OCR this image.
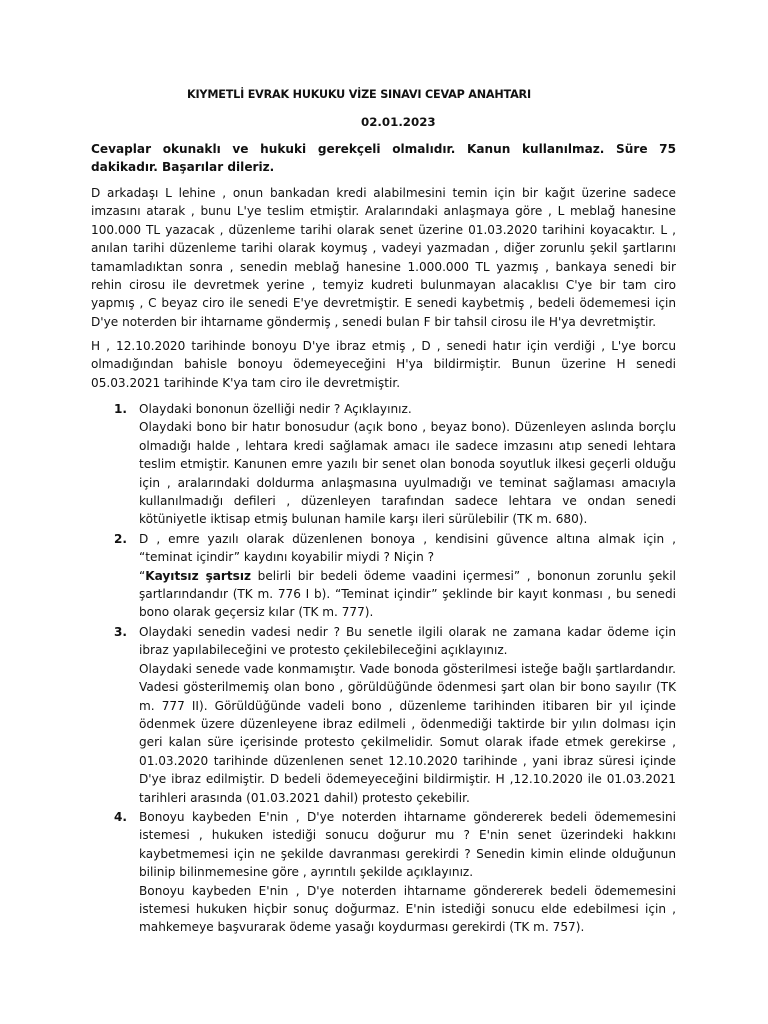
KIYMETLİ EVRAK HUKUKU VİZE SINAVI CEVAP ANAHTARI
02.01.2023
Cevaplar okunaklı ve hukuki gerekçeli olmalıdır. Kanun kullanılmaz. Süre 75 dakikadır. Başarılar dileriz.
D arkadaşı L lehine , onun bankadan kredi alabilmesini temin için bir kağıt üzerine sadece imzasını atarak , bunu L'ye teslim etmiştir. Aralarındaki anlaşmaya göre , L meblağ hanesine 100.000 TL yazacak , düzenleme tarihi olarak senet üzerine 01.03.2020 tarihini koyacaktır. L , anılan tarihi düzenleme tarihi olarak koymuş , vadeyi yazmadan , diğer zorunlu şekil şartlarını tamamladıktan sonra , senedin meblağ hanesine 1.000.000 TL yazmış , bankaya senedi bir rehin cirosu ile devretmek yerine , temyiz kudreti bulunmayan alacaklısı C'ye bir tam ciro yapmış , C beyaz ciro ile senedi E'ye devretmiştir. E senedi kaybetmiş , bedeli ödememesi için D'ye noterden bir ihtarname göndermiş , senedi bulan F bir tahsil cirosu ile H'ya devretmiştir.
H , 12.10.2020 tarihinde bonoyu D'ye ibraz etmiş , D , senedi hatır için verdiği , L'ye borcu olmadığından bahisle bonoyu ödemeyeceğini H'ya bildirmiştir. Bunun üzerine H senedi 05.03.2021 tarihinde K'ya tam ciro ile devretmiştir.
1. Olaydaki bononun özelliği nedir ? Açıklayınız.

Olaydaki bono bir hatır bonosudur (açık bono , beyaz bono). Düzenleyen aslında borçlu olmadığı halde , lehtara kredi sağlamak amacı ile sadece imzasını atıp senedi lehtara teslim etmiştir. Kanunen emre yazılı bir senet olan bonoda soyutluk ilkesi geçerli olduğu için , aralarındaki doldurma anlaşmasına uyulmadığı ve teminat sağlaması amacıyla kullanılmadığı defileri , düzenleyen tarafından sadece lehtara ve ondan senedi kötüniyetle iktisap etmiş bulunan hamile karşı ileri sürülebilir (TK m. 680).

2. D , emre yazılı olarak düzenlenen bonoya , kendisini güvence altına almak için , “teminat içindir” kaydını koyabilir miydi ? Niçin ?

“Kayıtsız şartsız belirli bir bedeli ödeme vaadini içermesi” , bononun zorunlu şekil şartlarındandır (TK m. 776 I b). “Teminat içindir” şeklinde bir kayıt konması , bu senedi bono olarak geçersiz kılar (TK m. 777).

3. Olaydaki senedin vadesi nedir ? Bu senetle ilgili olarak ne zamana kadar ödeme için ibraz yapılabileceğini ve protesto çekilebileceğini açıklayınız.

Olaydaki senede vade konmamıştır. Vade bonoda gösterilmesi isteğe bağlı şartlardandır. Vadesi gösterilmemiş olan bono , görüldüğünde ödenmesi şart olan bir bono sayılır (TK m. 777 II). Görüldüğünde vadeli bono , düzenleme tarihinden itibaren bir yıl içinde ödenmek üzere düzenleyene ibraz edilmeli , ödenmediği taktirde bir yılın dolması için geri kalan süre içerisinde protesto çekilmelidir. Somut olarak ifade etmek gerekirse , 01.03.2020 tarihinde düzenlenen senet 12.10.2020 tarihinde , yani ibraz süresi içinde D'ye ibraz edilmiştir. D bedeli ödemeyeceğini bildirmiştir. H ,12.10.2020 ile 01.03.2021 tarihleri arasında (01.03.2021 dahil) protesto çekebilir.

4. Bonoyu kaybeden E'nin , D'ye noterden ihtarname göndererek bedeli ödememesini istemesi , hukuken istediği sonucu doğurur mu ? E'nin senet üzerindeki hakkını kaybetmemesi için ne şekilde davranması gerekirdi ? Senedin kimin elinde olduğunun bilinip bilinmemesine göre , ayrıntılı şekilde açıklayınız.

Bonoyu kaybeden E'nin , D'ye noterden ihtarname göndererek bedeli ödememesini istemesi hukuken hiçbir sonuç doğurmaz. E'nin istediği sonucu elde edebilmesi için , mahkemeye başvurarak ödeme yasağı koydurması gerekirdi (TK m. 757).
